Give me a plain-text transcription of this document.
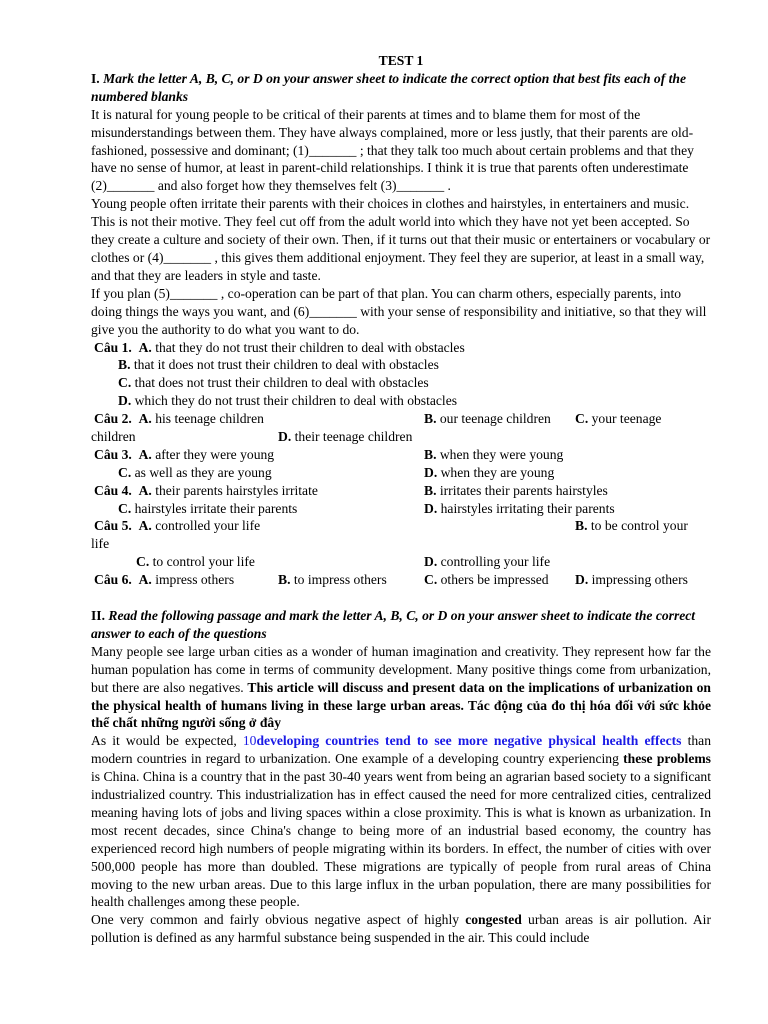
TEST 1

I. Mark the letter A, B, C, or D on your answer sheet to indicate the correct option that best fits each of the numbered blanks

It is natural for young people to be critical of their parents at times and to blame them for most of the misunderstandings between them. They have always complained, more or less justly, that their parents are old-fashioned, possessive and dominant; (1)_______ ; that they talk too much about certain problems and that they have no sense of humor, at least in parent-child relationships. I think it is true that parents often underestimate (2)_______ and also forget how they themselves felt (3)_______ .

Young people often irritate their parents with their choices in clothes and hairstyles, in entertainers and music. This is not their motive. They feel cut off from the adult world into which they have not yet been accepted. So they create a culture and society of their own. Then, if it turns out that their music or entertainers or vocabulary or clothes or (4)_______ , this gives them additional enjoyment. They feel they are superior, at least in a small way, and that they are leaders in style and taste.

If you plan (5)_______ , co-operation can be part of that plan. You can charm others, especially parents, into doing things the ways you want, and (6)_______ with your sense of responsibility and initiative, so that they will give you the authority to do what you want to do.

Câu 1. A. that they do not trust their children to deal with obstacles
B. that it does not trust their children to deal with obstacles
C. that does not trust their children to deal with obstacles
D. which they do not trust their children to deal with obstacles
Câu 2. A. his teenage children	B. our teenage children C. your teenage
children	D. their teenage children
Câu 3. A. after they were young	B. when they were young
C. as well as they are young	D. when they are young
Câu 4. A. their parents hairstyles irritate	B. irritates their parents hairstyles
C. hairstyles irritate their parents	D. hairstyles irritating their parents
Câu 5. A. controlled your life	B. to be control your
life
C. to control your life	D. controlling your life
Câu 6. A. impress others	B. to impress others	C. others be impressed D. impressing others

II. Read the following passage and mark the letter A, B, C, or D on your answer sheet to indicate the correct answer to each of the questions

Many people see large urban cities as a wonder of human imagination and creativity. They represent how far the human population has come in terms of community development. Many positive things come from urbanization, but there are also negatives. This article will discuss and present data on the implications of urbanization on the physical health of humans living in these large urban areas. Tác động của đo thị hóa đối với sức khỏe thể chất những người sống ở đây

As it would be expected, 10developing countries tend to see more negative physical health effects than modern countries in regard to urbanization. One example of a developing country experiencing these problems is China. China is a country that in the past 30-40 years went from being an agrarian based society to a significant industrialized country. This industrialization has in effect caused the need for more centralized cities, centralized meaning having lots of jobs and living spaces within a close proximity. This is what is known as urbanization. In most recent decades, since China's change to being more of an industrial based economy, the country has experienced record high numbers of people migrating within its borders. In effect, the number of cities with over 500,000 people has more than doubled. These migrations are typically of people from rural areas of China moving to the new urban areas. Due to this large influx in the urban population, there are many possibilities for health challenges among these people.

One very common and fairly obvious negative aspect of highly congested urban areas is air pollution. Air pollution is defined as any harmful substance being suspended in the air. This could include
